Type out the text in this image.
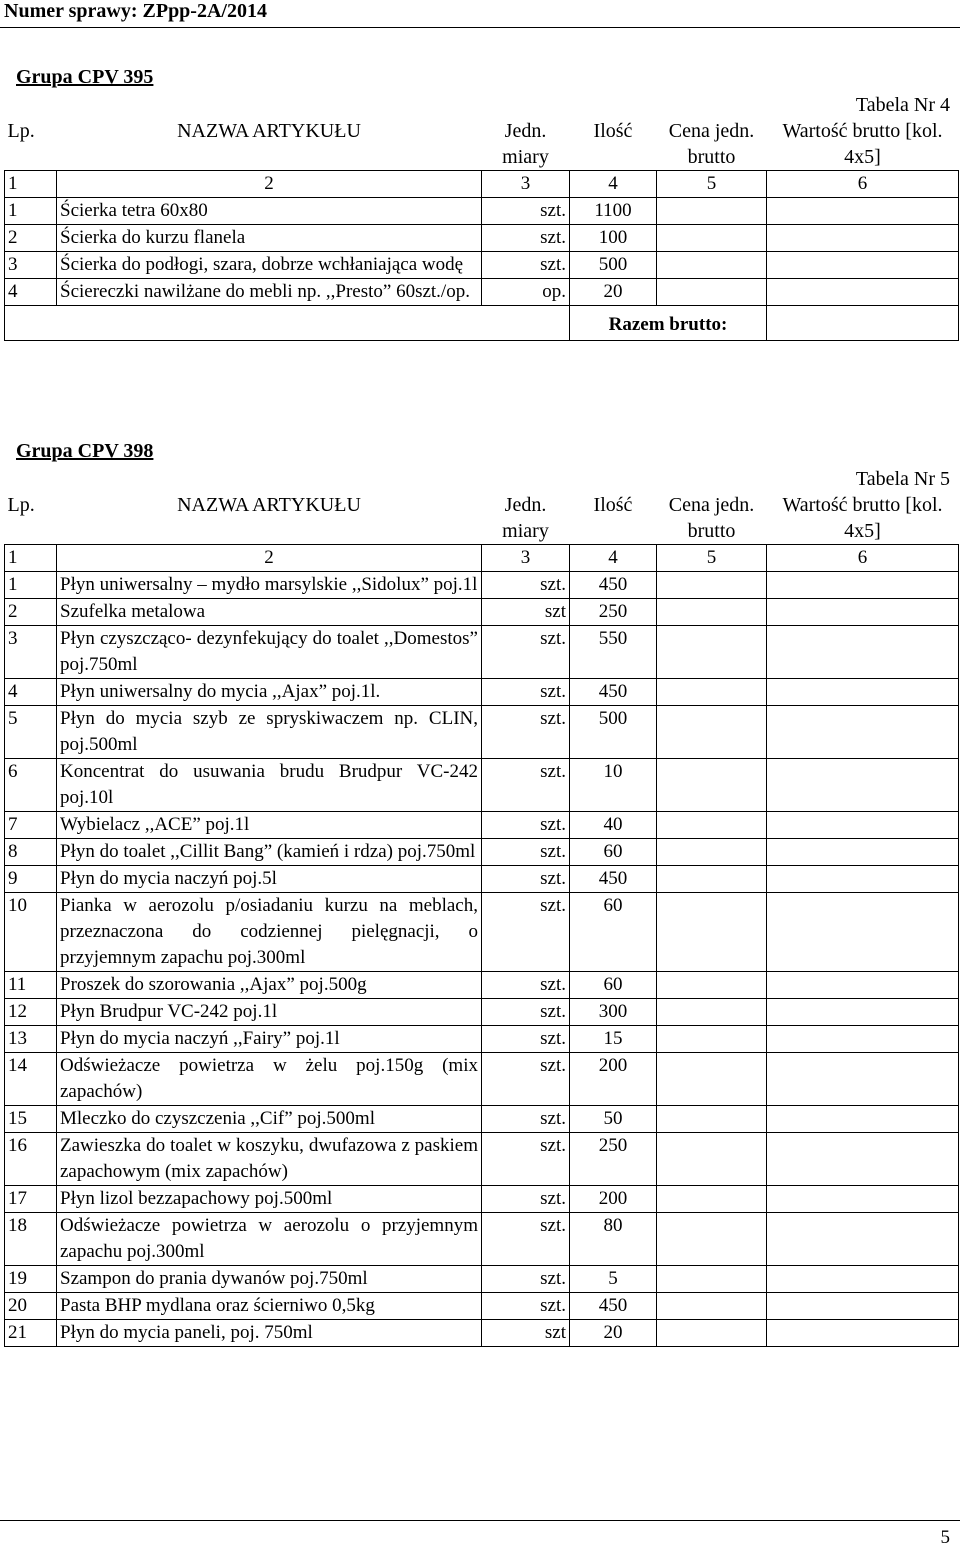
Numer sprawy: ZPpp-2A/2014
Grupa CPV 395
Tabela Nr 4
Lp.	NAZWA ARTYKUŁU	Jedn. miary	Ilość	Cena jedn. brutto	Wartość brutto [kol. 4x5]
1	2	3	4	5	6
1	Ścierka tetra 60x80	szt.	1100		
2	Ścierka do kurzu flanela	szt.	100		
3	Ścierka do podłogi, szara, dobrze wchłaniająca wodę	szt.	500		
4	Ściereczki nawilżane do mebli np. ,,Presto” 60szt./op.	op.	20		
			Razem brutto:		
Grupa CPV 398
Tabela Nr 5
Lp.	NAZWA ARTYKUŁU	Jedn. miary	Ilość	Cena jedn. brutto	Wartość brutto [kol. 4x5]
1	2	3	4	5	6
1	Płyn uniwersalny – mydło marsylskie ,,Sidolux” poj.1l	szt.	450		
2	Szufelka metalowa	szt	250		
3	Płyn czyszcząco- dezynfekujący do toalet ,,Domestos” poj.750ml	szt.	550		
4	Płyn uniwersalny do mycia ,,Ajax” poj.1l.	szt.	450		
5	Płyn do mycia szyb ze spryskiwaczem np. CLIN, poj.500ml	szt.	500		
6	Koncentrat do usuwania brudu Brudpur VC-242 poj.10l	szt.	10		
7	Wybielacz ,,ACE” poj.1l	szt.	40		
8	Płyn do toalet ,,Cillit Bang” (kamień i rdza) poj.750ml	szt.	60		
9	Płyn do mycia naczyń poj.5l	szt.	450		
10	Pianka w aerozolu p/osiadaniu kurzu na meblach, przeznaczona do codziennej pielęgnacji, o przyjemnym zapachu poj.300ml	szt.	60		
11	Proszek do szorowania ,,Ajax” poj.500g	szt.	60		
12	Płyn Brudpur VC-242 poj.1l	szt.	300		
13	Płyn do mycia naczyń ,,Fairy” poj.1l	szt.	15		
14	Odświeżacze powietrza w żelu poj.150g (mix zapachów)	szt.	200		
15	Mleczko do czyszczenia ,,Cif” poj.500ml	szt.	50		
16	Zawieszka do toalet w koszyku, dwufazowa z paskiem zapachowym (mix zapachów)	szt.	250		
17	Płyn lizol bezzapachowy poj.500ml	szt.	200		
18	Odświeżacze powietrza w aerozolu o przyjemnym zapachu poj.300ml	szt.	80		
19	Szampon do prania dywanów poj.750ml	szt.	5		
20	Pasta BHP mydlana oraz ścierniwo 0,5kg	szt.	450		
21	Płyn do mycia paneli, poj. 750ml	szt	20		
5
